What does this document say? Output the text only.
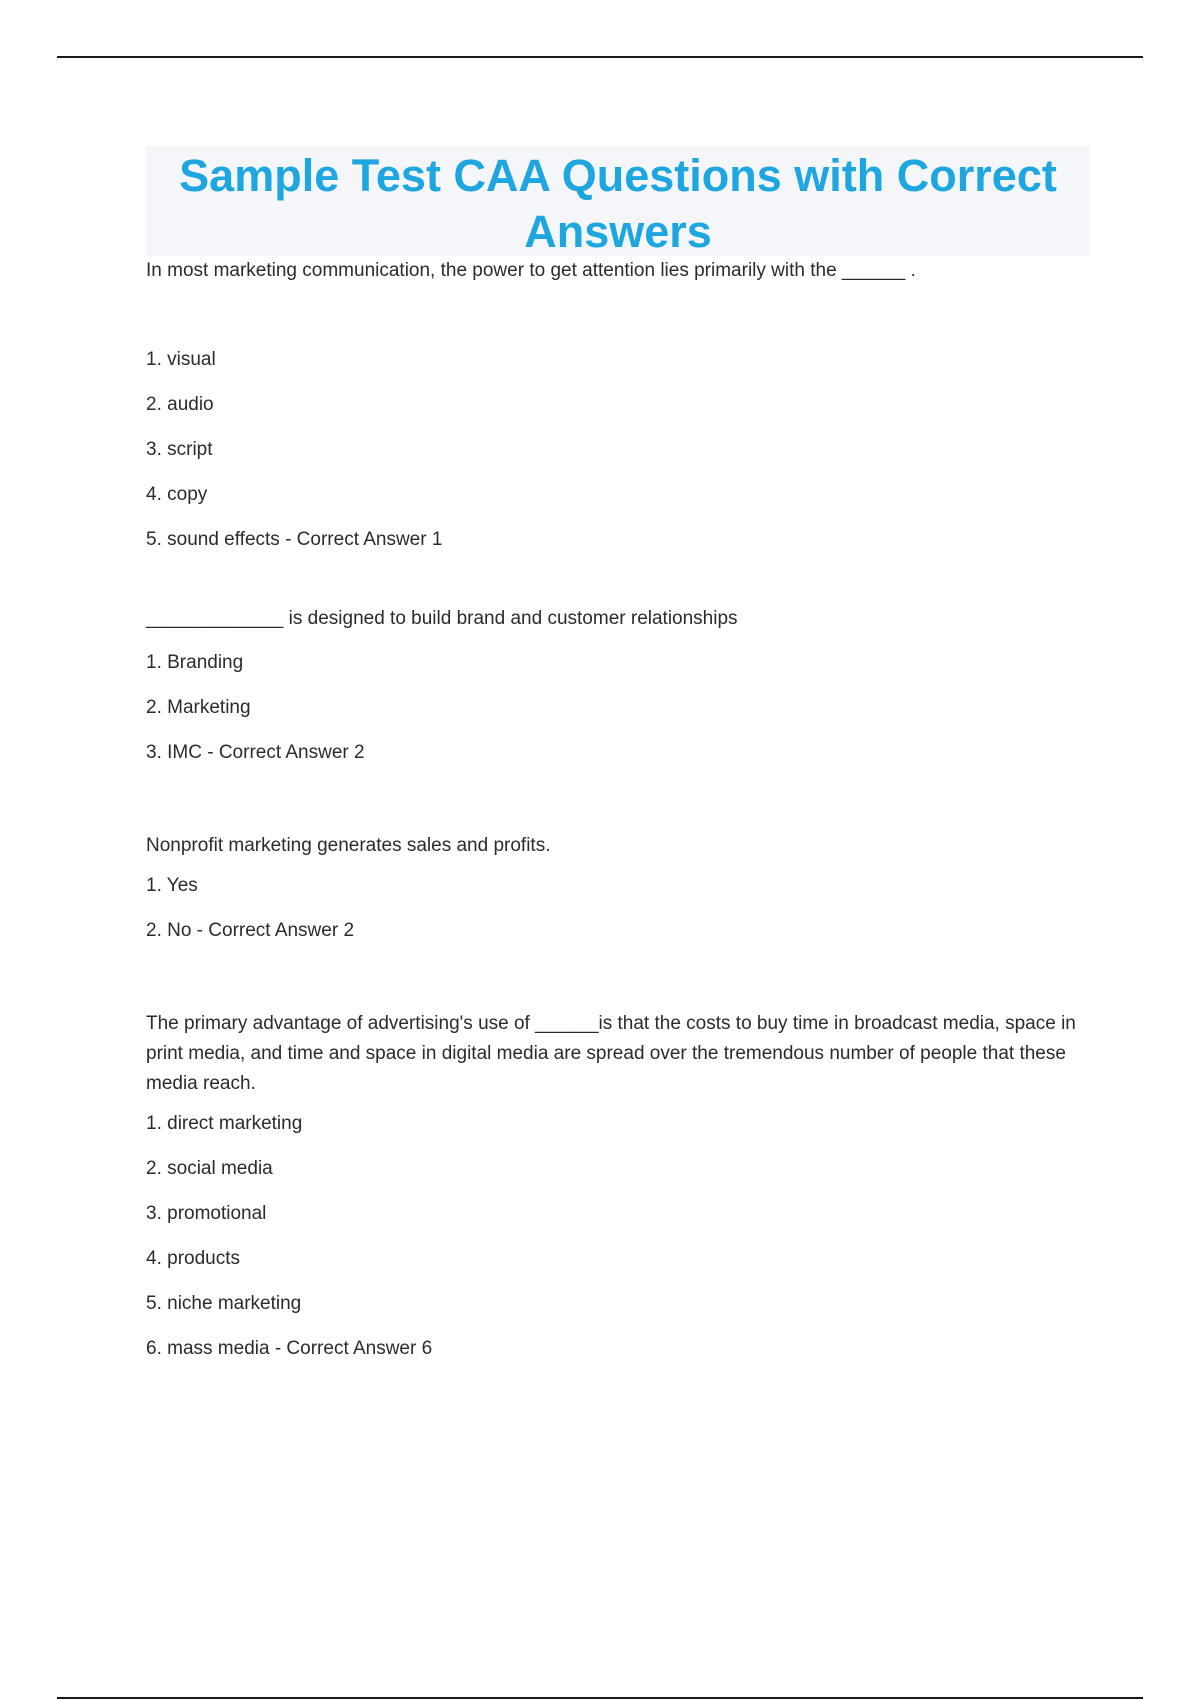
Sample Test CAA Questions with Correct Answers

In most marketing communication, the power to get attention lies primarily with the ______ .

1. visual
2. audio
3. script
4. copy
5. sound effects - Correct Answer 1

_____________ is designed to build brand and customer relationships

1. Branding
2. Marketing
3. IMC - Correct Answer 2

Nonprofit marketing generates sales and profits.

1. Yes
2. No - Correct Answer 2

The primary advantage of advertising's use of ______is that the costs to buy time in broadcast media, space in print media, and time and space in digital media are spread over the tremendous number of people that these media reach.

1. direct marketing
2. social media
3. promotional
4. products
5. niche marketing
6. mass media - Correct Answer 6
